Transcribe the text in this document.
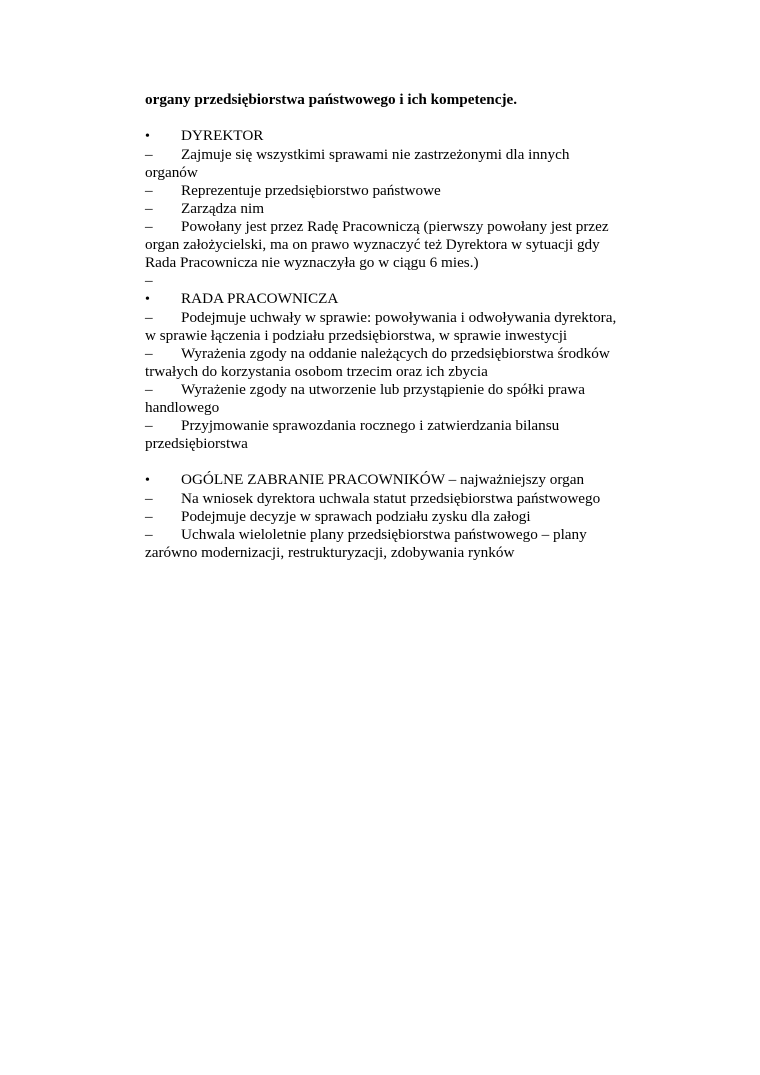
organy przedsiębiorstwa państwowego i ich kompetencje.

• DYREKTOR

– Zajmuje się wszystkimi sprawami nie zastrzeżonymi dla innych organów

– Reprezentuje przedsiębiorstwo państwowe

– Zarządza nim

– Powołany jest przez Radę Pracowniczą (pierwszy powołany jest przez organ założycielski, ma on prawo wyznaczyć też Dyrektora w sytuacji gdy Rada Pracownicza nie wyznaczyła go w ciągu 6 mies.)

–

• RADA PRACOWNICZA

– Podejmuje uchwały w sprawie: powoływania i odwoływania dyrektora, w sprawie łączenia i podziału przedsiębiorstwa, w sprawie inwestycji

– Wyrażenia zgody na oddanie należących do przedsiębiorstwa środków trwałych do korzystania osobom trzecim oraz ich zbycia

– Wyrażenie zgody na utworzenie lub przystąpienie do spółki prawa handlowego

– Przyjmowanie sprawozdania rocznego i zatwierdzania bilansu przedsiębiorstwa

• OGÓLNE ZABRANIE PRACOWNIKÓW – najważniejszy organ

– Na wniosek dyrektora uchwala statut przedsiębiorstwa państwowego

– Podejmuje decyzje w sprawach podziału zysku dla załogi

– Uchwala wieloletnie plany przedsiębiorstwa państwowego – plany zarówno modernizacji, restrukturyzacji, zdobywania rynków
